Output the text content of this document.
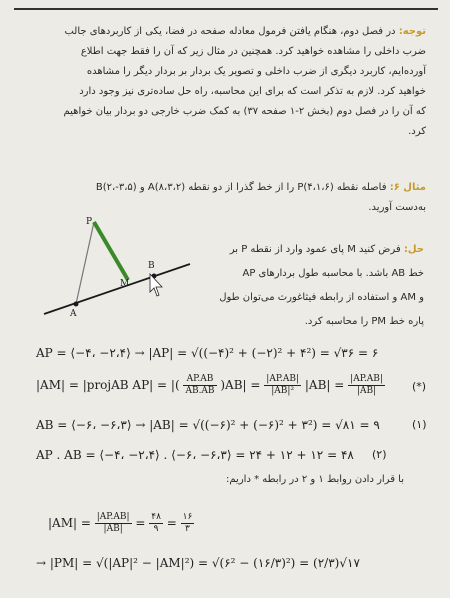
توجه: در فصل دوم، هنگام یافتن فرمول معادله صفحه در فضا، یکی از کاربردهای جالب
ضرب داخلی را مشاهده خواهید کرد. همچنین در مثال زیر که آن را فقط جهت اطلاع
آورده‌ایم، کاربرد دیگری از ضرب داخلی و تصویر یک بردار بر بردار دیگر را مشاهده
خواهید کرد. لازم به تذکر است که برای این محاسبه، راه حل ساده‌تری نیز وجود دارد
که آن را در فصل دوم (بخش ۲-۱ صفحه ۳۷) به کمک ضرب خارجی دو بردار بیان خواهیم
کرد.
مثال ۶: فاصله نقطه P(۴،۱،۶) را از خط گذرا از دو نقطه A(۸،۳،۲) و B(۲،-۳،۵)
به‌دست آورید.
حل: فرض کنید M پای عمود وارد از نقطه P بر
خط AB باشد. با محاسبه طول بردارهای AP
و AM و استفاده از رابطه فیثاغورث می‌توان طول
پاره خط PM را محاسبه کرد.
P
B
M
A
AP = ⟨−۴، −۲،۴⟩ → |AP| = √((−۴)² + (−۲)² + ۴²) = √۳۶ = ۶
|AM| = |projAB AP| = |( $\frac{AP.AB}{AB.AB} )AB| = \frac{|AP.AB|}{\text{|AB|²}} |AB| = \frac{|AP.AB|}{|AB|}$ (*)
AB = ⟨−۶، −۶،۳⟩ → |AB| = √((−۶)² + (−۶)² + ۳²) = √۸۱ = ۹	(۱)
AP . AB = ⟨−۴، −۲،۴⟩ . ⟨−۶، −۶،۳⟩ = ۲۴ + ۱۲ + ۱۲ = ۴۸ (۲)
با قرار دادن روابط ۱ و ۲ در رابطه * داریم:
$|AM| = \frac{|AP.AB|}{|AB|} = \frac{۴۸}{۹} = \frac{۱۶}{۳}$
→ |PM| = √(|AP|² − |AM|²) = √(۶² − (۱۶/۳)²) = (۲/۳)√۱۷
